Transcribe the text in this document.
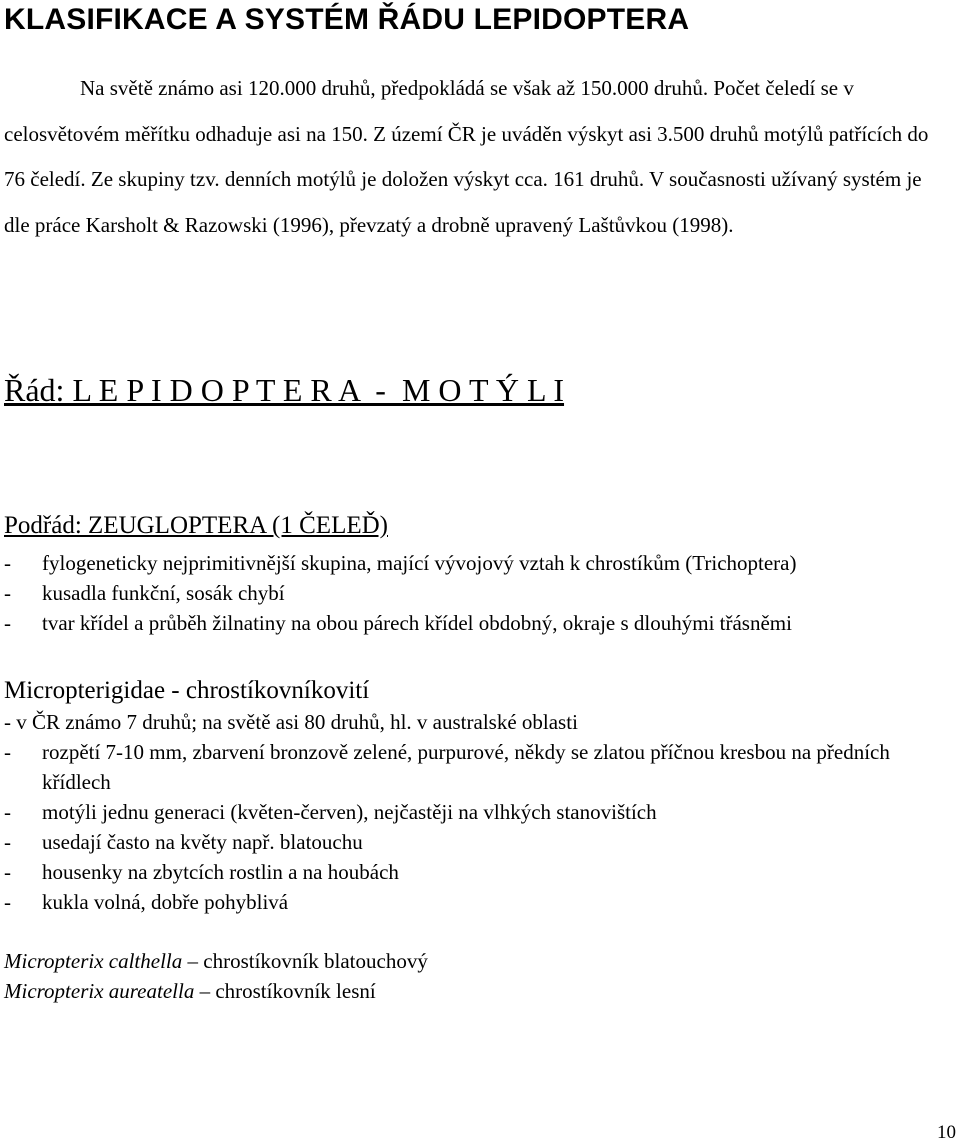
KLASIFIKACE A SYSTÉM ŘÁDU LEPIDOPTERA

Na světě známo asi 120.000 druhů, předpokládá se však až 150.000 druhů. Počet čeledí se v celosvětovém měřítku odhaduje asi na 150. Z území ČR je uváděn výskyt asi 3.500 druhů motýlů patřících do 76 čeledí. Ze skupiny tzv. denních motýlů je doložen výskyt cca. 161 druhů. V současnosti užívaný systém je dle práce Karsholt & Razowski (1996), převzatý a drobně upravený Laštůvkou (1998).

Řád: L E P I D O P T E R A  -  M O T Ý L I
Podřád: ZEUGLOPTERA (1 ČELEĎ)
- fylogeneticky nejprimitivnější skupina, mající vývojový vztah k chrostíkům (Trichoptera)
- kusadla funkční, sosák chybí
- tvar křídel a průběh žilnatiny na obou párech křídel obdobný, okraje s dlouhými třásněmi
Micropterigidae - chrostíkovníkovití

- v ČR známo 7 druhů; na světě asi 80 druhů, hl. v australské oblasti

- rozpětí 7-10 mm, zbarvení bronzově zelené, purpurové, někdy se zlatou příčnou kresbou na předních křídlech
- motýli jednu generaci (květen-červen), nejčastěji na vlhkých stanovištích
- usedají často na květy např. blatouchu
- housenky na zbytcích rostlin a na houbách
- kukla volná, dobře pohyblivá

Micropterix calthella – chrostíkovník blatouchový

Micropterix aureatella – chrostíkovník lesní

10
